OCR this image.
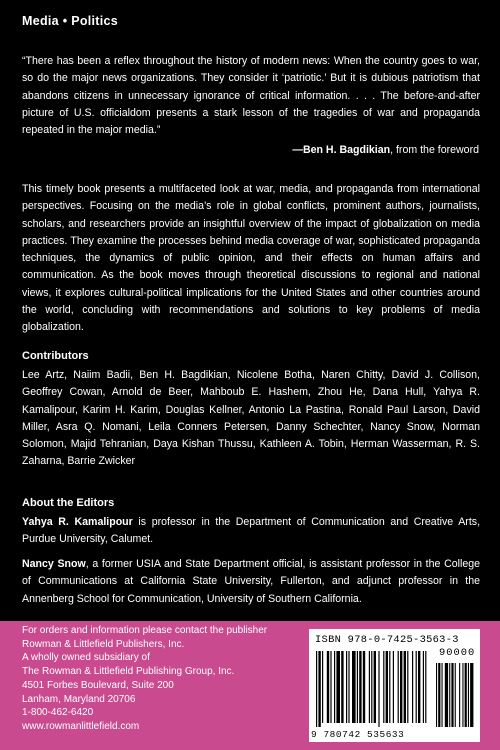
Media • Politics
“There has been a reflex throughout the history of modern news: When the country goes to war, so do the major news organizations. They consider it ‘patriotic.’ But it is dubious patriotism that abandons citizens in unnecessary ignorance of critical information. . . . The before-and-after picture of U.S. officialdom presents a stark lesson of the tragedies of war and propaganda repeated in the major media.”
—Ben H. Bagdikian, from the foreword
This timely book presents a multifaceted look at war, media, and propaganda from international perspectives. Focusing on the media’s role in global conflicts, prominent authors, journalists, scholars, and researchers provide an insightful overview of the impact of globalization on media practices. They examine the processes behind media coverage of war, sophisticated propaganda techniques, the dynamics of public opinion, and their effects on human affairs and communication. As the book moves through theoretical discussions to regional and national views, it explores cultural-political implications for the United States and other countries around the world, concluding with recommendations and solutions to key problems of media globalization.
Contributors
Lee Artz, Naiim Badii, Ben H. Bagdikian, Nicolene Botha, Naren Chitty, David J. Collison, Geoffrey Cowan, Arnold de Beer, Mahboub E. Hashem, Zhou He, Dana Hull, Yahya R. Kamalipour, Karim H. Karim, Douglas Kellner, Antonio La Pastina, Ronald Paul Larson, David Miller, Asra Q. Nomani, Leila Conners Petersen, Danny Schechter, Nancy Snow, Norman Solomon, Majid Tehranian, Daya Kishan Thussu, Kathleen A. Tobin, Herman Wasserman, R. S. Zaharna, Barrie Zwicker
About the Editors
Yahya R. Kamalipour is professor in the Department of Communication and Creative Arts, Purdue University, Calumet.
Nancy Snow, a former USIA and State Department official, is assistant professor in the College of Communications at California State University, Fullerton, and adjunct professor in the Annenberg School for Communication, University of Southern California.
For orders and information please contact the publisher
Rowman & Littlefield Publishers, Inc.
A wholly owned subsidiary of
The Rowman & Littlefield Publishing Group, Inc.
4501 Forbes Boulevard, Suite 200
Lanham, Maryland 20706
1-800-462-6420
www.rowmanlittlefield.com
ISBN 978-0-7425-3563-3
90000
9 780742 535633
